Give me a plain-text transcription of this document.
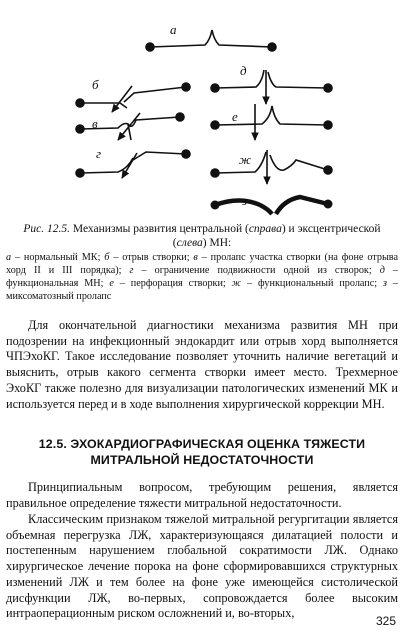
а
б
в
г
д
е
ж
з
Рис. 12.5. Механизмы развития центральной (справа) и эксцентрической (слева) МН:
а – нормальный МК; б – отрыв створки; в – пролапс участка створки (на фоне отрыва хорд II и III порядка); г – ограничение подвижности одной из створок; д – функциональная МН; е – перфорация створки; ж – функциональный пролапс; з – миксоматозный пролапс

Для окончательной диагностики механизма развития МН при подозрении на инфекционный эндокардит или отрыв хорд выполняется ЧПЭхоКГ. Такое исследование позволяет уточнить наличие вегетаций и выяснить, отрыв какого сегмента створки имеет место. Трехмерное ЭхоКГ также полезно для визуализации патологических изменений МК и используется перед и в ходе выполнения хирургической коррекции МН.

12.5. ЭХОКАРДИОГРАФИЧЕСКАЯ ОЦЕНКА ТЯЖЕСТИ МИТРАЛЬНОЙ НЕДОСТАТОЧНОСТИ

Принципиальным вопросом, требующим решения, является правильное определение тяжести митральной недостаточности.

Классическим признаком тяжелой митральной регургитации является объемная перегрузка ЛЖ, характеризующаяся дилатацией полости и постепенным нарушением глобальной сократимости ЛЖ. Однако хирургическое лечение порока на фоне сформировавшихся структурных изменений ЛЖ и тем более на фоне уже имеющейся систолической дисфункции ЛЖ, во-первых, сопровождается более высоким интраоперационным риском осложнений и, во-вторых,

325
